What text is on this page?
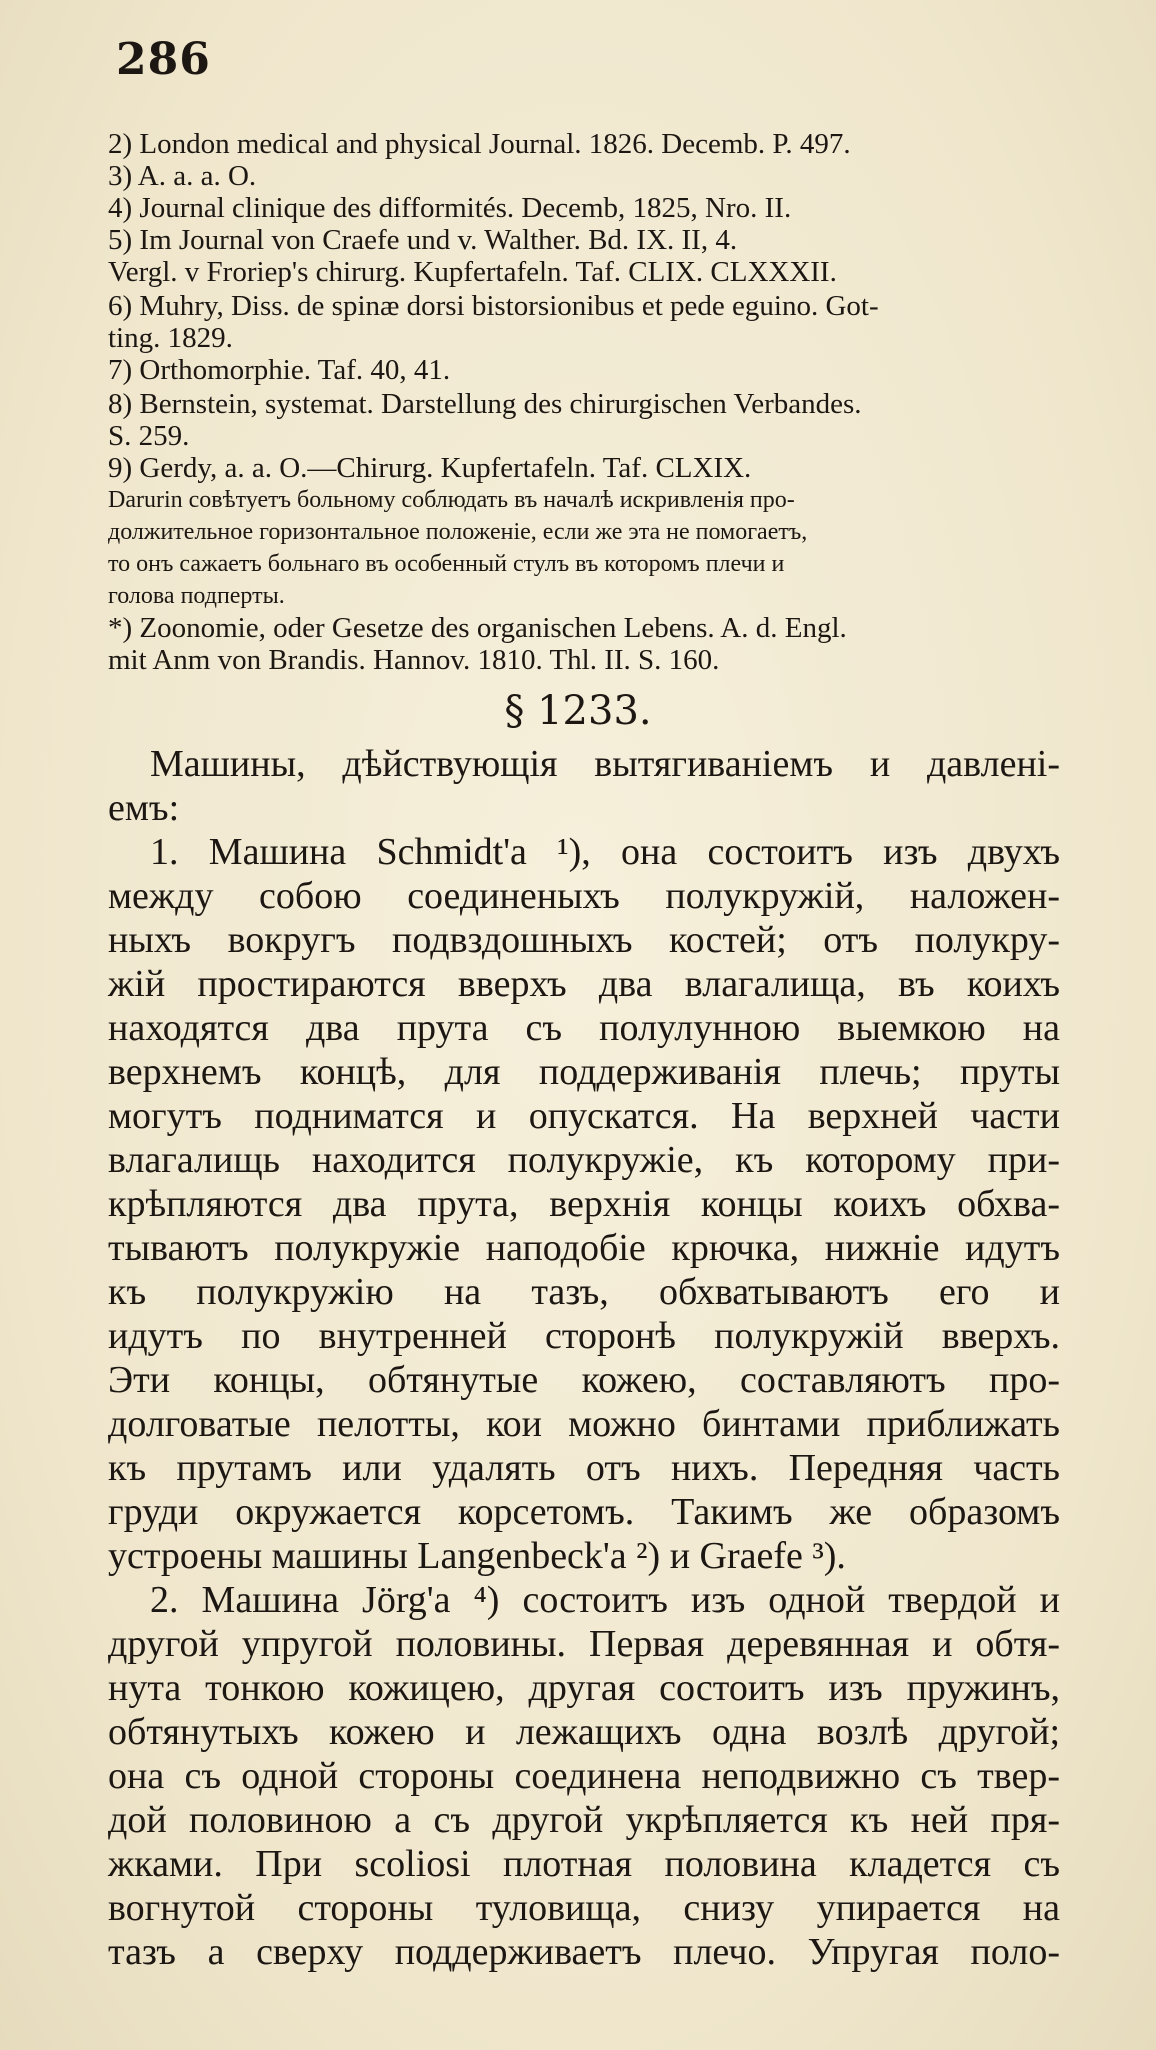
286
2) London medical and physical Journal. 1826. Decemb. P. 497.
3) A. a. a. O.
4) Journal clinique des difformités. Decemb, 1825, Nro. II.
5) Im Journal von Craefe und v. Walther. Bd. IX. II, 4.
Vergl. v Froriep's chirurg. Kupfertafeln. Taf. CLIX. CLXXXII.
6) Muhry, Diss. de spinæ dorsi bistorsionibus et pede eguino. Got-
ting. 1829.
7) Orthomorphie. Taf. 40, 41.
8) Bernstein, systemat. Darstellung des chirurgischen Verbandes.
S. 259.
9) Gerdy, a. a. O.—Chirurg. Kupfertafeln. Taf. CLXIX.
Darurin совѣтуетъ больному соблюдать въ началѣ искривленія про-
должительное горизонтальное положеніе, если же эта не помогаетъ,
то онъ сажаетъ больнаго въ особенный стулъ въ которомъ плечи и
голова подперты.
*) Zoonomie, oder Gesetze des organischen Lebens. A. d. Engl.
mit Anm von Brandis. Hannov. 1810. Thl. II. S. 160.
§ 1233.
Машины, дѣйствующія вытягиваніемъ и давлені-
емъ:
1. Машина Schmidt'а ¹), она состоитъ изъ двухъ
между собою соединеныхъ полукружій, наложен-
ныхъ вокругъ подвздошныхъ костей; отъ полукру-
жій простираются вверхъ два влагалища, въ коихъ
находятся два прута съ полулунною выемкою на
верхнемъ концѣ, для поддерживанія плечь; пруты
могутъ подниматся и опускатся. На верхней части
влагалищь находится полукружіе, къ которому при-
крѣпляются два прута, верхнія концы коихъ обхва-
тываютъ полукружіе наподобіе крючка, нижніе идутъ
къ полукружію на тазъ, обхватываютъ его и
идутъ по внутренней сторонѣ полукружій вверхъ.
Эти концы, обтянутые кожею, составляютъ про-
долговатые пелотты, кои можно бинтами приближать
къ прутамъ или удалять отъ нихъ. Передняя часть
груди окружается корсетомъ. Такимъ же образомъ
устроены машины Langenbeck'а ²) и Graefe ³).
2. Машина Jörg'а ⁴) состоитъ изъ одной твердой и
другой упругой половины. Первая деревянная и обтя-
нута тонкою кожицею, другая состоитъ изъ пружинъ,
обтянутыхъ кожею и лежащихъ одна возлѣ другой;
она съ одной стороны соединена неподвижно съ твер-
дой половиною а съ другой укрѣпляется къ ней пря-
жками. При scoliosi плотная половина кладется съ
вогнутой стороны туловища, снизу упирается на
тазъ а сверху поддерживаетъ плечо. Упругая поло-
